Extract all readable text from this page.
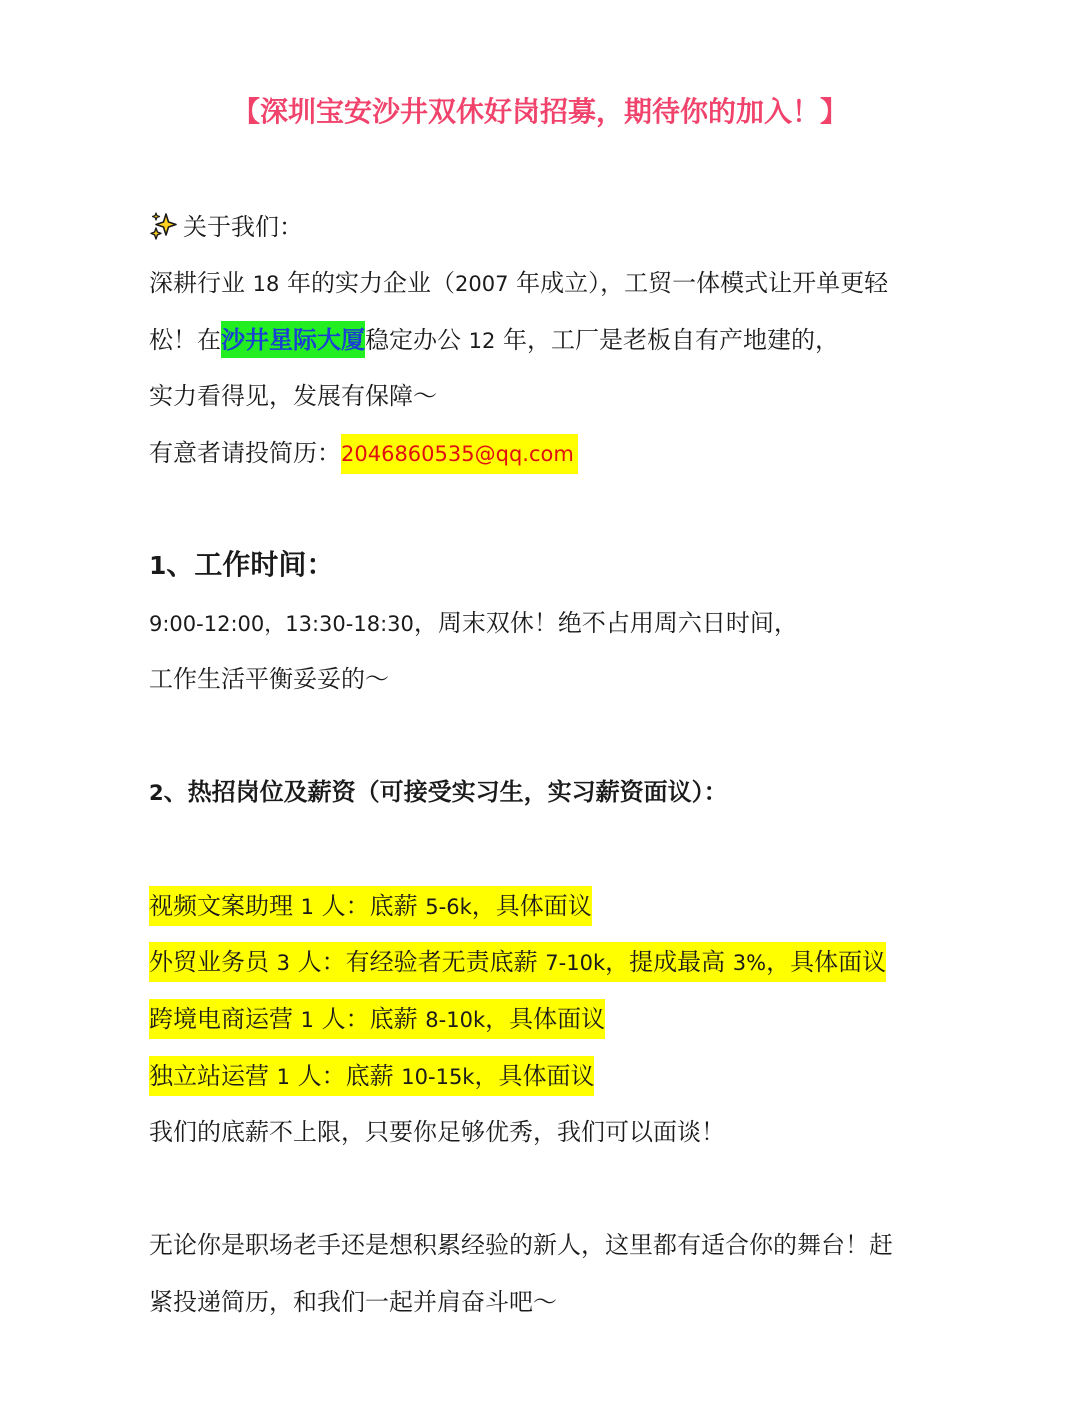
【深圳宝安沙井双休好岗招募，期待你的加入！】
关于我们：
深耕行业 18 年的实力企业（2007 年成立），工贸一体模式让开单更轻
松！在沙井星际大厦稳定办公 12 年，工厂是老板自有产地建的，
实力看得见，发展有保障～
有意者请投简历：2046860535@qq.com
1、工作时间：
9:00-12:00，13:30-18:30，周末双休！绝不占用周六日时间，
工作生活平衡妥妥的～
2、热招岗位及薪资（可接受实习生，实习薪资面议）：
视频文案助理 1 人：底薪 5-6k，具体面议
外贸业务员 3 人：有经验者无责底薪 7-10k，提成最高 3%，具体面议
跨境电商运营 1 人：底薪 8-10k，具体面议
独立站运营 1 人：底薪 10-15k，具体面议
我们的底薪不上限，只要你足够优秀，我们可以面谈！
无论你是职场老手还是想积累经验的新人，这里都有适合你的舞台！赶
紧投递简历，和我们一起并肩奋斗吧～
